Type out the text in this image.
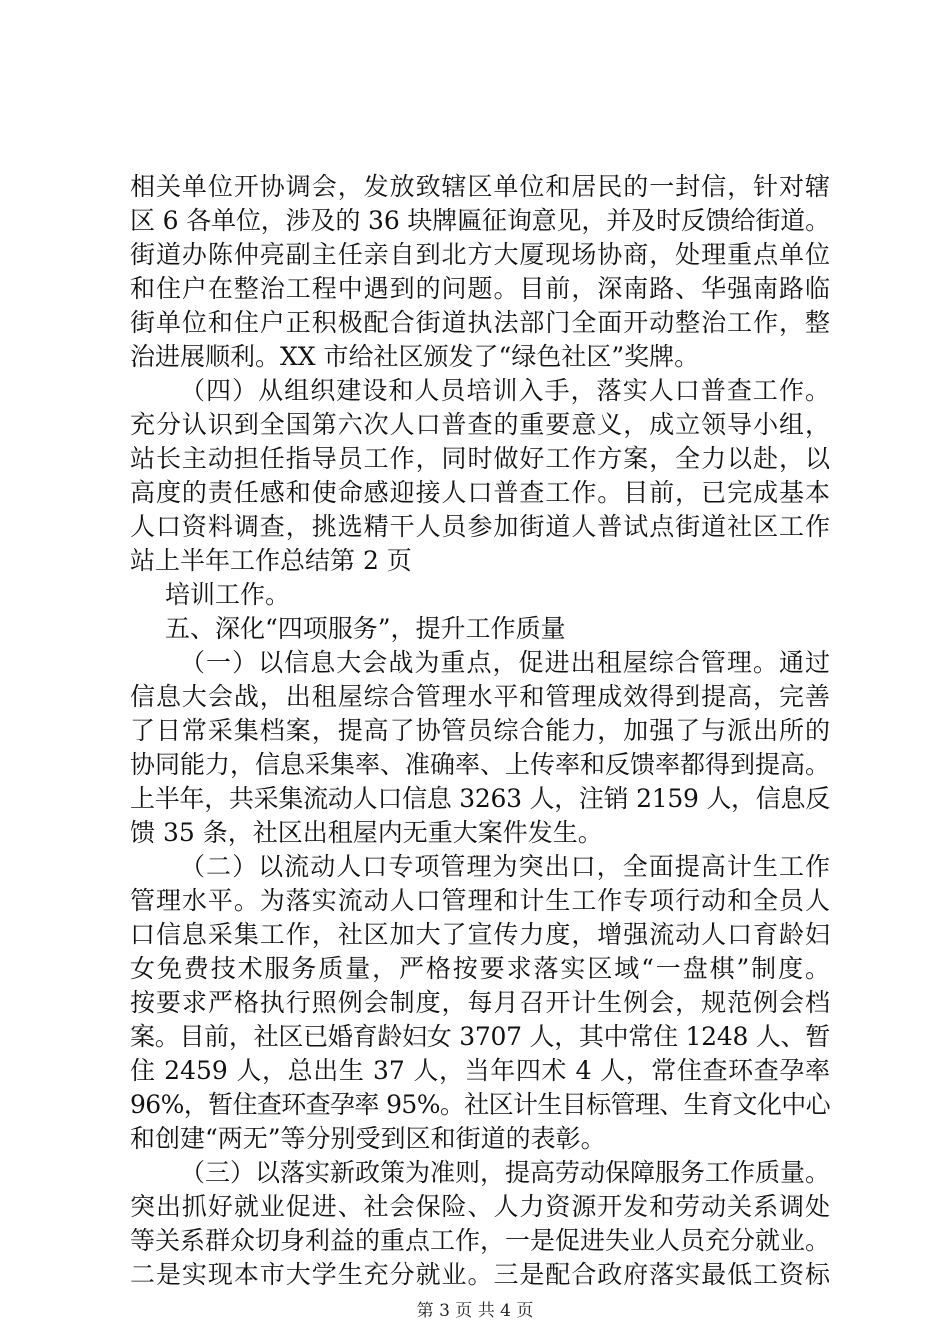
相关单位开协调会，发放致辖区单位和居民的一封信，针对辖
区 6 各单位，涉及的 36 块牌匾征询意见，并及时反馈给街道。
街道办陈仲亮副主任亲自到北方大厦现场协商，处理重点单位
和住户在整治工程中遇到的问题。目前，深南路、华强南路临
街单位和住户正积极配合街道执法部门全面开动整治工作，整
治进展顺利。XX 市给社区颁发了“绿色社区”奖牌。
（四）从组织建设和人员培训入手，落实人口普查工作。
充分认识到全国第六次人口普查的重要意义，成立领导小组，
站长主动担任指导员工作，同时做好工作方案，全力以赴，以
高度的责任感和使命感迎接人口普查工作。目前，已完成基本
人口资料调查，挑选精干人员参加街道人普试点街道社区工作
站上半年工作总结第 2 页
培训工作。
五、深化“四项服务”，提升工作质量
（一）以信息大会战为重点，促进出租屋综合管理。通过
信息大会战，出租屋综合管理水平和管理成效得到提高，完善
了日常采集档案，提高了协管员综合能力，加强了与派出所的
协同能力，信息采集率、准确率、上传率和反馈率都得到提高。
上半年，共采集流动人口信息 3263 人，注销 2159 人，信息反
馈 35 条，社区出租屋内无重大案件发生。
（二）以流动人口专项管理为突出口，全面提高计生工作
管理水平。为落实流动人口管理和计生工作专项行动和全员人
口信息采集工作，社区加大了宣传力度，增强流动人口育龄妇
女免费技术服务质量，严格按要求落实区域“一盘棋”制度。
按要求严格执行照例会制度，每月召开计生例会，规范例会档
案。目前，社区已婚育龄妇女 3707 人，其中常住 1248 人、暂
住 2459 人，总出生 37 人，当年四术 4 人，常住查环查孕率
96%，暂住查环查孕率 95%。社区计生目标管理、生育文化中心
和创建“两无”等分别受到区和街道的表彰。
（三）以落实新政策为准则，提高劳动保障服务工作质量。
突出抓好就业促进、社会保险、人力资源开发和劳动关系调处
等关系群众切身利益的重点工作，一是促进失业人员充分就业。
二是实现本市大学生充分就业。三是配合政府落实最低工资标
第 3 页 共 4 页
